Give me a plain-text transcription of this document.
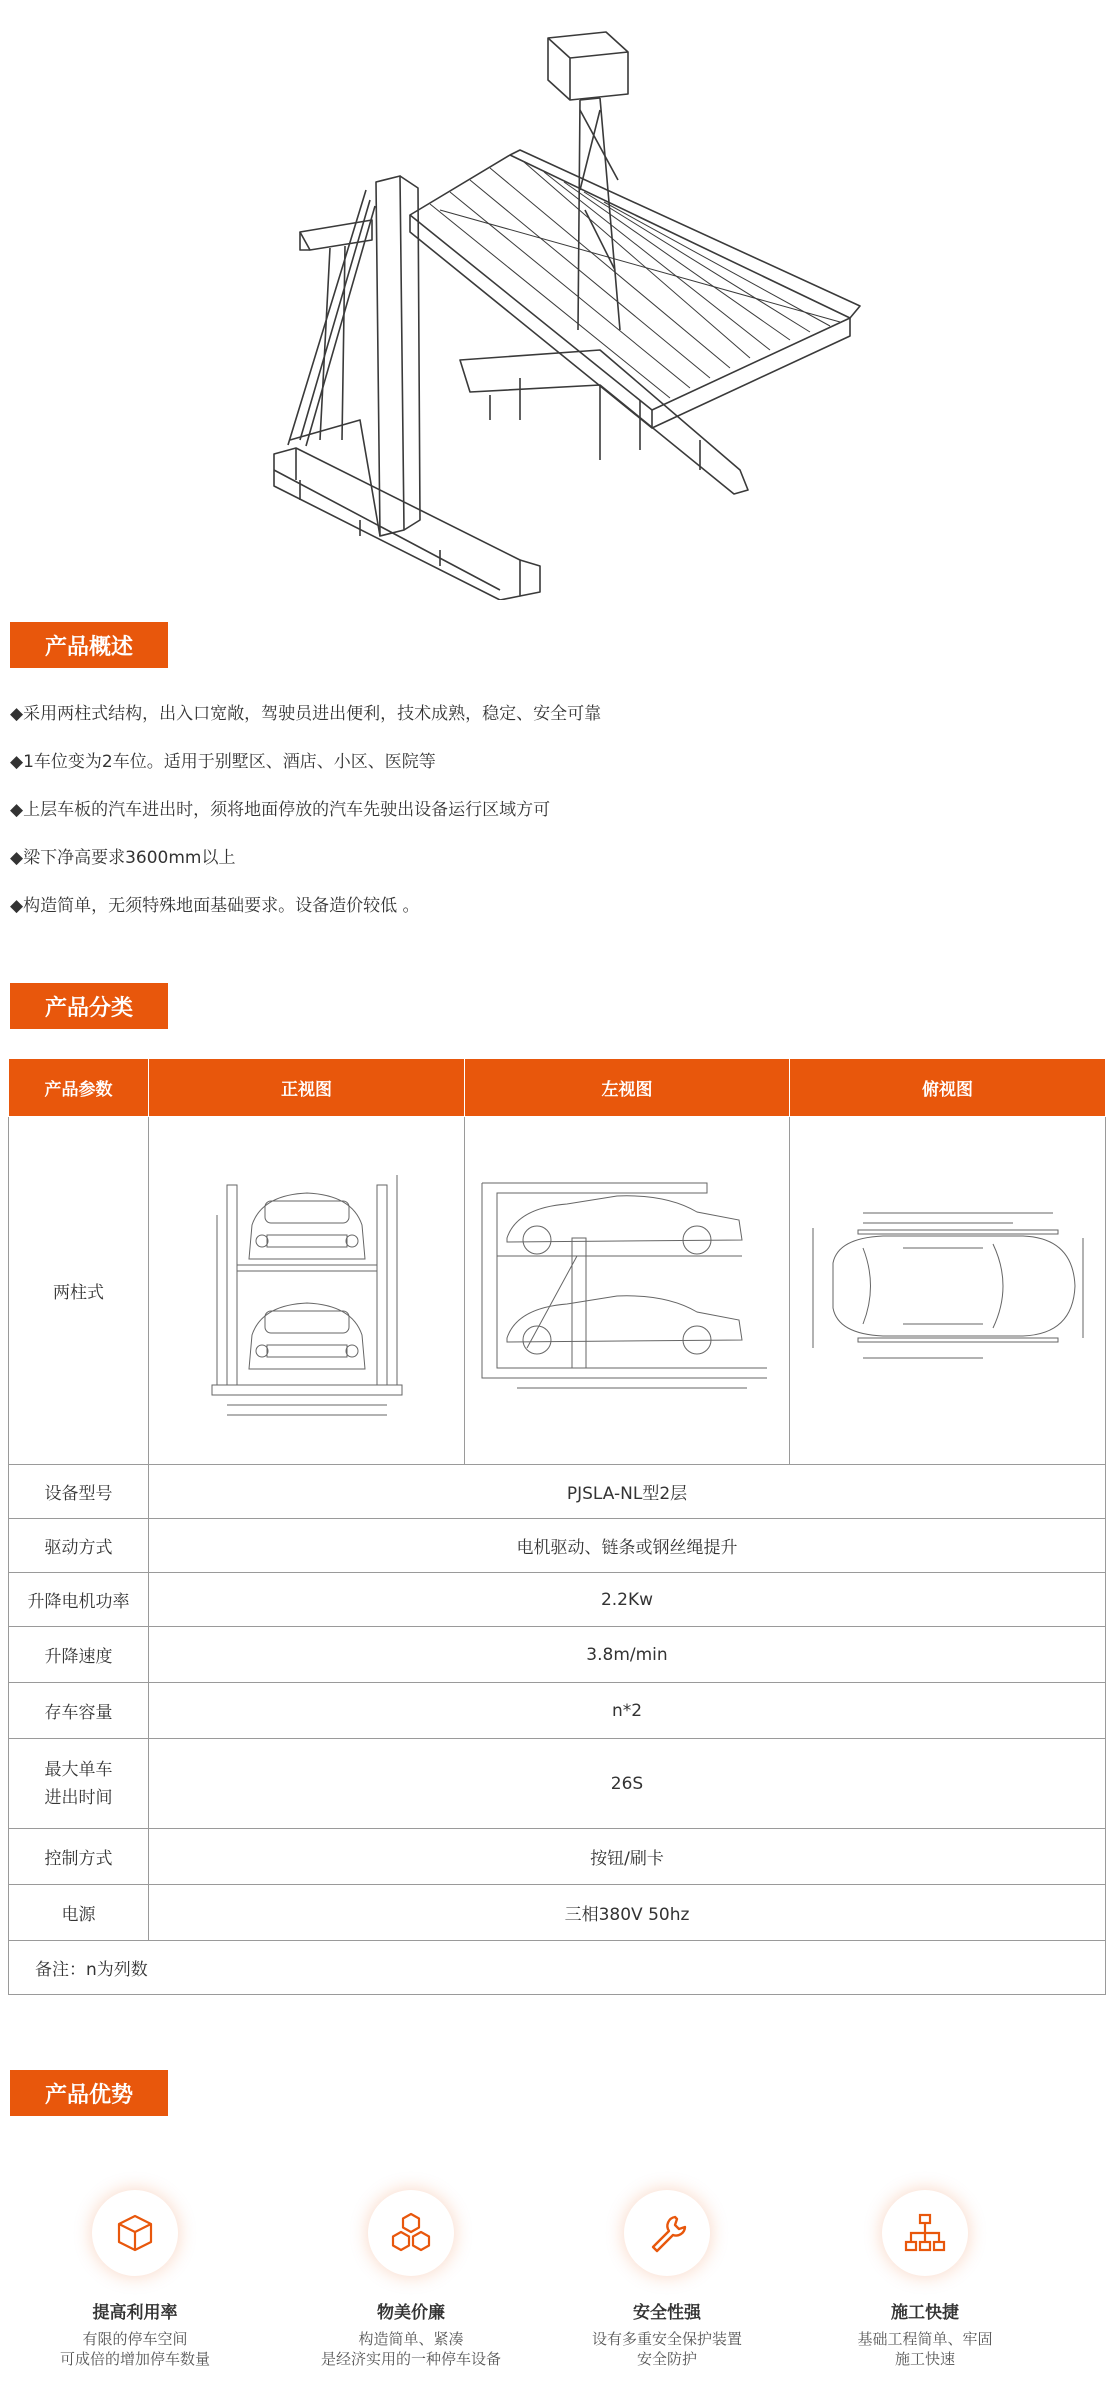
产品概述
◆采用两柱式结构，出入口宽敞，驾驶员进出便利，技术成熟，稳定、安全可靠
◆1车位变为2车位。适用于别墅区、酒店、小区、医院等
◆上层车板的汽车进出时，须将地面停放的汽车先驶出设备运行区域方可
◆梁下净高要求3600mm以上
◆构造简单，无须特殊地面基础要求。设备造价较低 。
产品分类
产品参数	正视图	左视图	俯视图
两柱式			
设备型号	PJSLA-NL型2层		
驱动方式	电机驱动、链条或钢丝绳提升		
升降电机功率	2.2Kw		
升降速度	3.8m/min		
存车容量	n*2		
最大单车
进出时间	26S		
控制方式	按钮/刷卡		
电源	三相380V 50hz		
备注：n为列数			
产品优势
提高利用率
有限的停车空间
可成倍的增加停车数量
物美价廉
构造简单、紧凑
是经济实用的一种停车设备
安全性强
设有多重安全保护装置
安全防护
施工快捷
基础工程简单、牢固
施工快速
